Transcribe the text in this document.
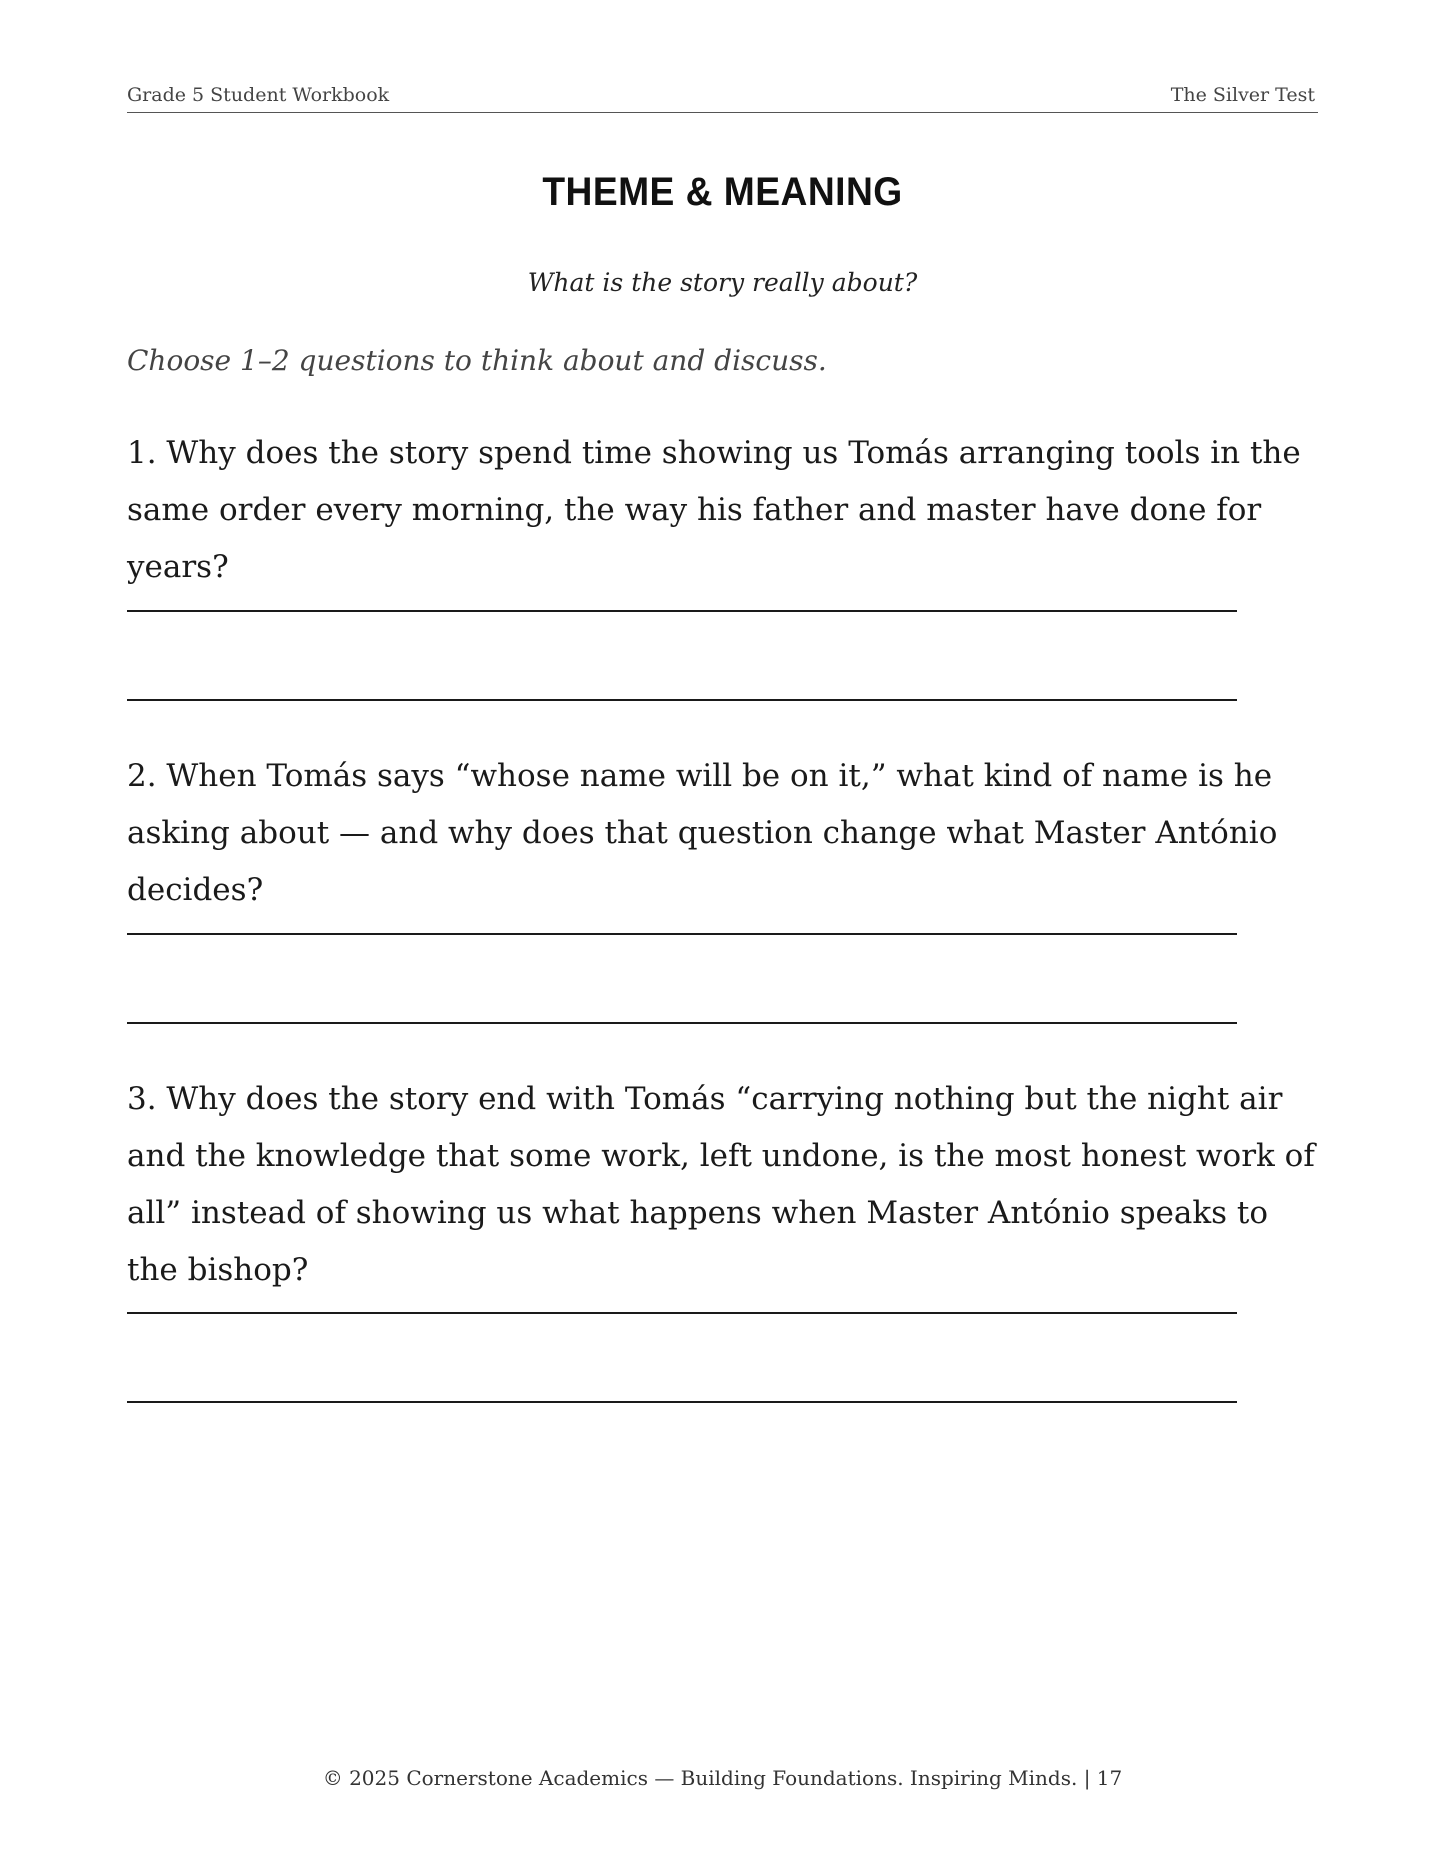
Grade 5 Student Workbook	The Silver Test
THEME & MEANING
What is the story really about?
Choose 1–2 questions to think about and discuss.

1. Why does the story spend time showing us Tomás arranging tools in the same order every morning, the way his father and master have done for years?

2. When Tomás says “whose name will be on it,” what kind of name is he asking about — and why does that question change what Master António decides?

3. Why does the story end with Tomás “carrying nothing but the night air and the knowledge that some work, left undone, is the most honest work of all” instead of showing us what happens when Master António speaks to the bishop?

© 2025 Cornerstone Academics — Building Foundations. Inspiring Minds. | 17
